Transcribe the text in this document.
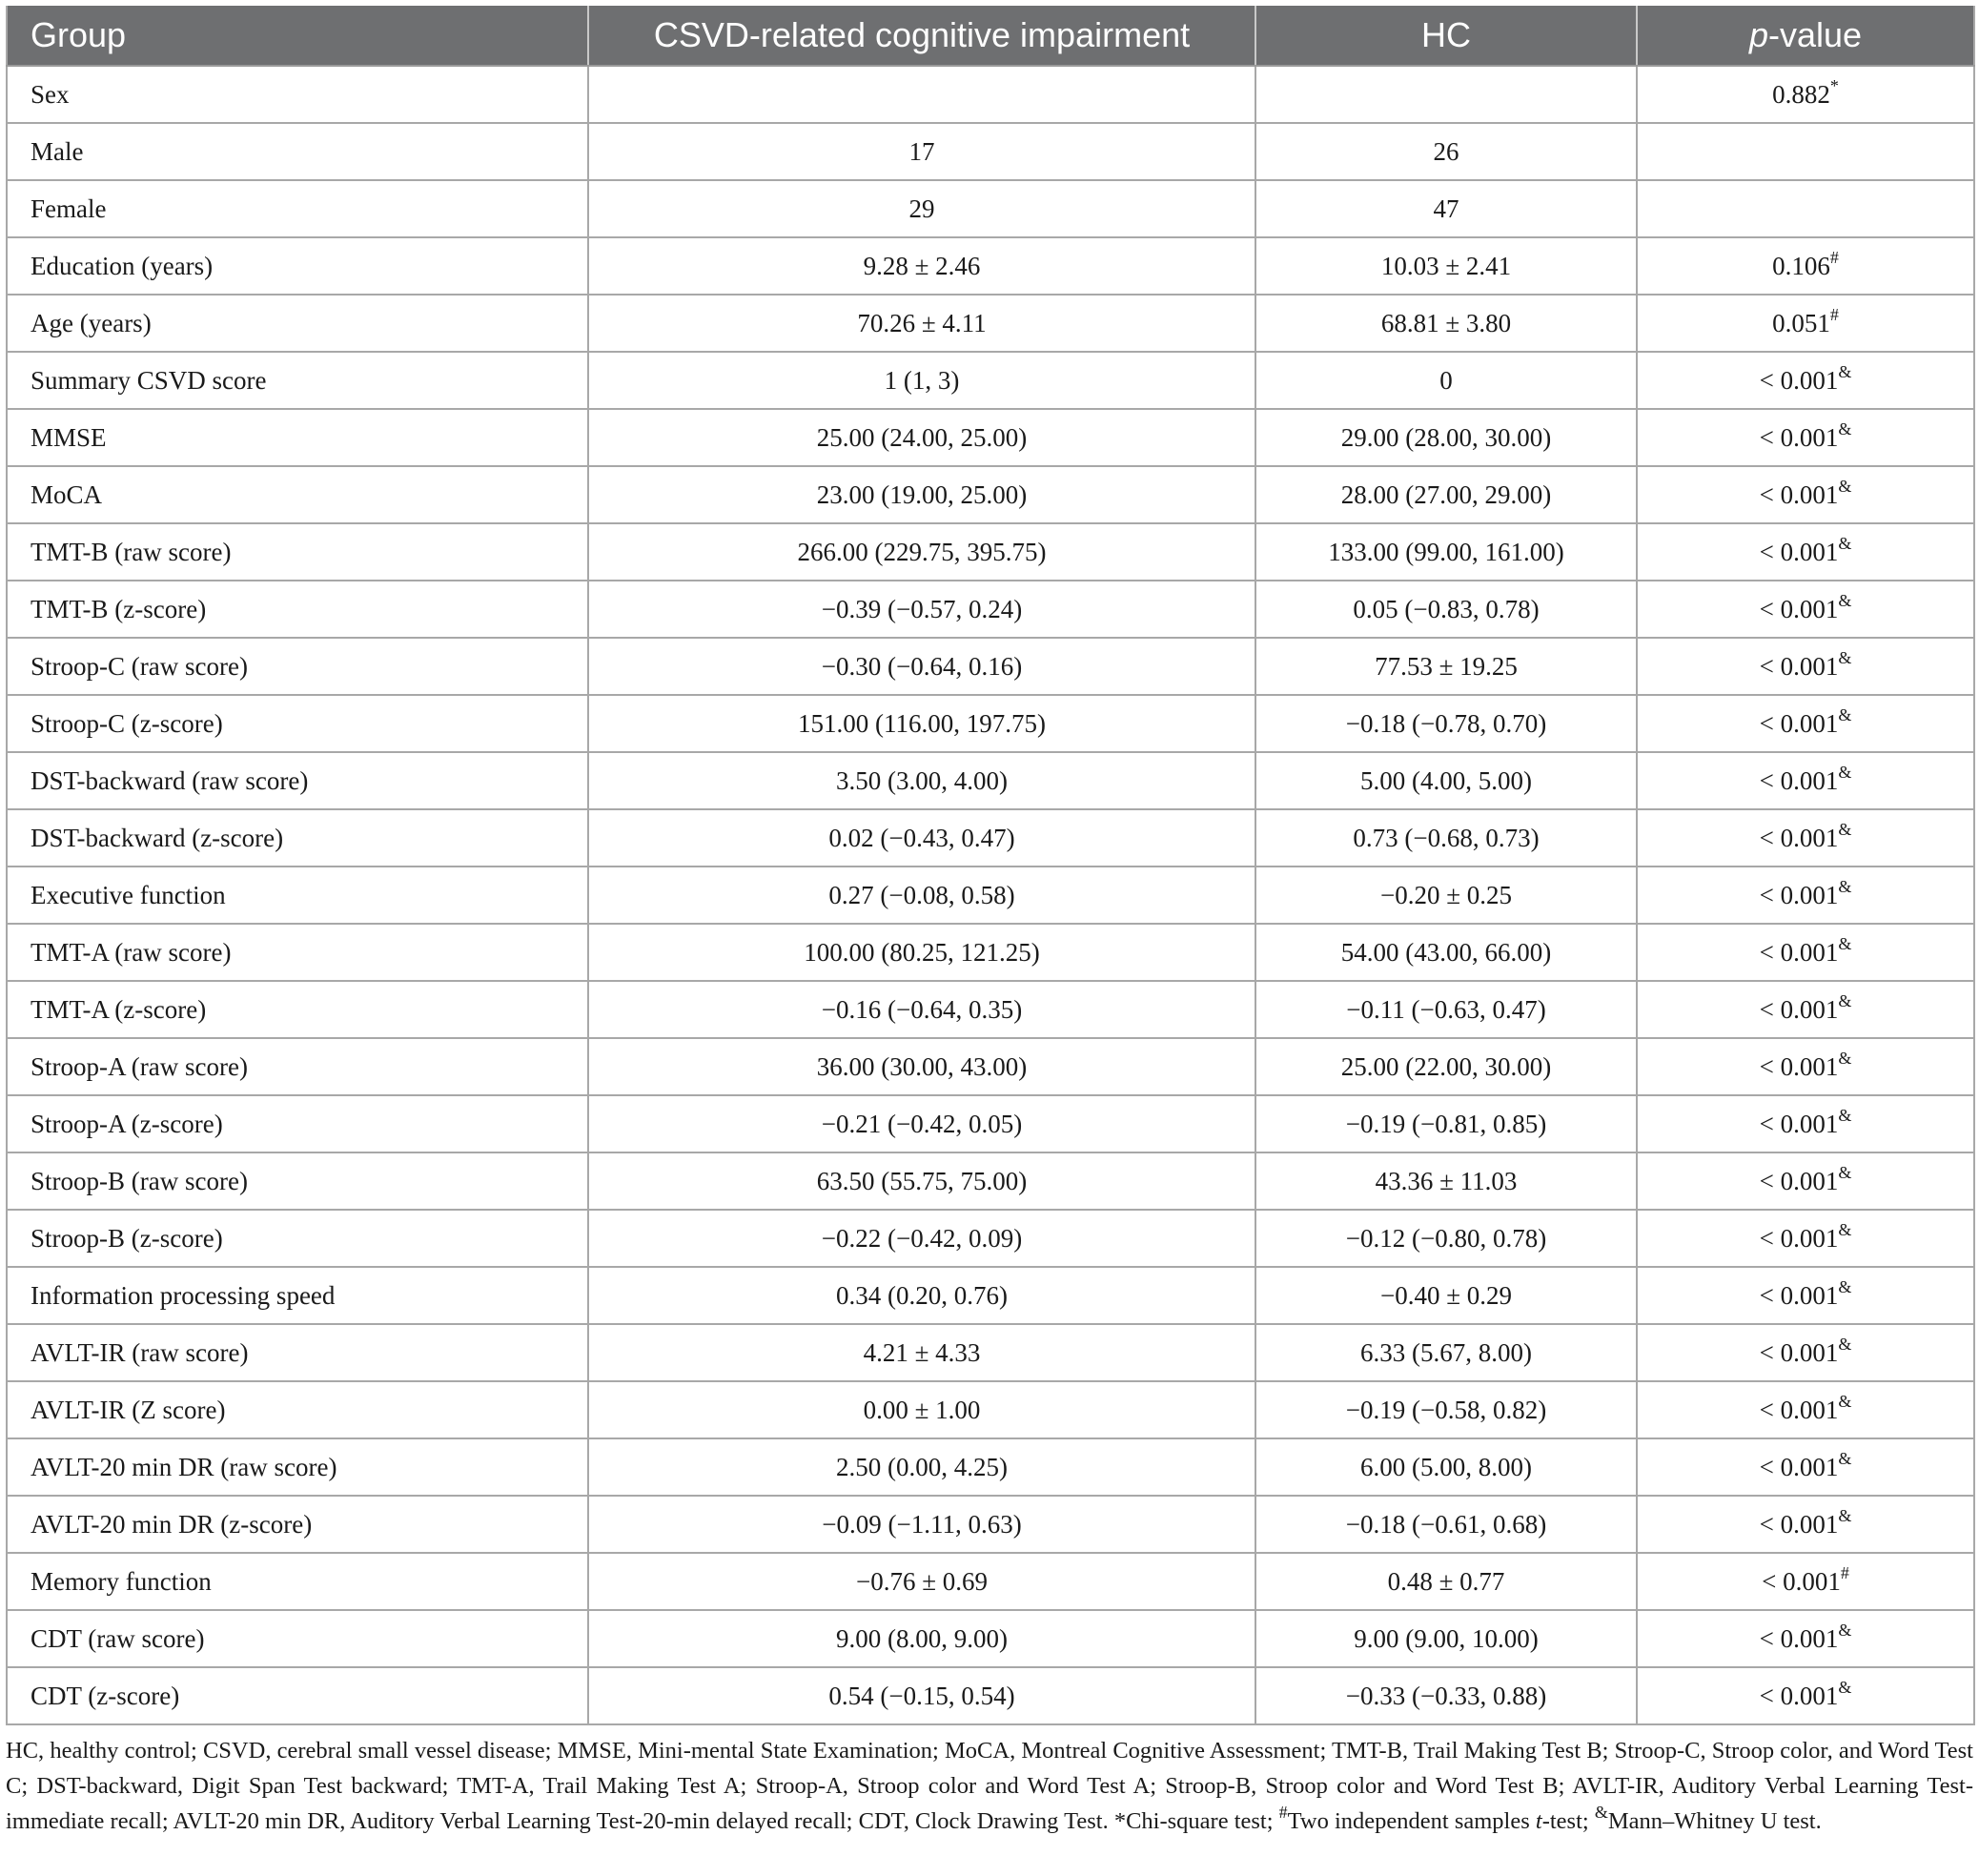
Group	CSVD-related cognitive impairment	HC	p-value
Sex			0.882*
Male	17	26	
Female	29	47	
Education (years)	9.28 ± 2.46	10.03 ± 2.41	0.106#
Age (years)	70.26 ± 4.11	68.81 ± 3.80	0.051#
Summary CSVD score	1 (1, 3)	0	< 0.001&
MMSE	25.00 (24.00, 25.00)	29.00 (28.00, 30.00)	< 0.001&
MoCA	23.00 (19.00, 25.00)	28.00 (27.00, 29.00)	< 0.001&
TMT-B (raw score)	266.00 (229.75, 395.75)	133.00 (99.00, 161.00)	< 0.001&
TMT-B (z-score)	−0.39 (−0.57, 0.24)	0.05 (−0.83, 0.78)	< 0.001&
Stroop-C (raw score)	−0.30 (−0.64, 0.16)	77.53 ± 19.25	< 0.001&
Stroop-C (z-score)	151.00 (116.00, 197.75)	−0.18 (−0.78, 0.70)	< 0.001&
DST-backward (raw score)	3.50 (3.00, 4.00)	5.00 (4.00, 5.00)	< 0.001&
DST-backward (z-score)	0.02 (−0.43, 0.47)	0.73 (−0.68, 0.73)	< 0.001&
Executive function	0.27 (−0.08, 0.58)	−0.20 ± 0.25	< 0.001&
TMT-A (raw score)	100.00 (80.25, 121.25)	54.00 (43.00, 66.00)	< 0.001&
TMT-A (z-score)	−0.16 (−0.64, 0.35)	−0.11 (−0.63, 0.47)	< 0.001&
Stroop-A (raw score)	36.00 (30.00, 43.00)	25.00 (22.00, 30.00)	< 0.001&
Stroop-A (z-score)	−0.21 (−0.42, 0.05)	−0.19 (−0.81, 0.85)	< 0.001&
Stroop-B (raw score)	63.50 (55.75, 75.00)	43.36 ± 11.03	< 0.001&
Stroop-B (z-score)	−0.22 (−0.42, 0.09)	−0.12 (−0.80, 0.78)	< 0.001&
Information processing speed	0.34 (0.20, 0.76)	−0.40 ± 0.29	< 0.001&
AVLT-IR (raw score)	4.21 ± 4.33	6.33 (5.67, 8.00)	< 0.001&
AVLT-IR (Z score)	0.00 ± 1.00	−0.19 (−0.58, 0.82)	< 0.001&
AVLT-20 min DR (raw score)	2.50 (0.00, 4.25)	6.00 (5.00, 8.00)	< 0.001&
AVLT-20 min DR (z-score)	−0.09 (−1.11, 0.63)	−0.18 (−0.61, 0.68)	< 0.001&
Memory function	−0.76 ± 0.69	0.48 ± 0.77	< 0.001#
CDT (raw score)	9.00 (8.00, 9.00)	9.00 (9.00, 10.00)	< 0.001&
CDT (z-score)	0.54 (−0.15, 0.54)	−0.33 (−0.33, 0.88)	< 0.001&
HC, healthy control; CSVD, cerebral small vessel disease; MMSE, Mini-mental State Examination; MoCA, Montreal Cognitive Assessment; TMT-B, Trail Making Test B; Stroop-C, Stroop color, and Word Test C; DST-backward, Digit Span Test backward; TMT-A, Trail Making Test A; Stroop-A, Stroop color and Word Test A; Stroop-B, Stroop color and Word Test B; AVLT-IR, Auditory Verbal Learning Test-immediate recall; AVLT-20 min DR, Auditory Verbal Learning Test-20-min delayed recall; CDT, Clock Drawing Test. *Chi-square test; #Two independent samples t-test; &Mann–Whitney U test.
